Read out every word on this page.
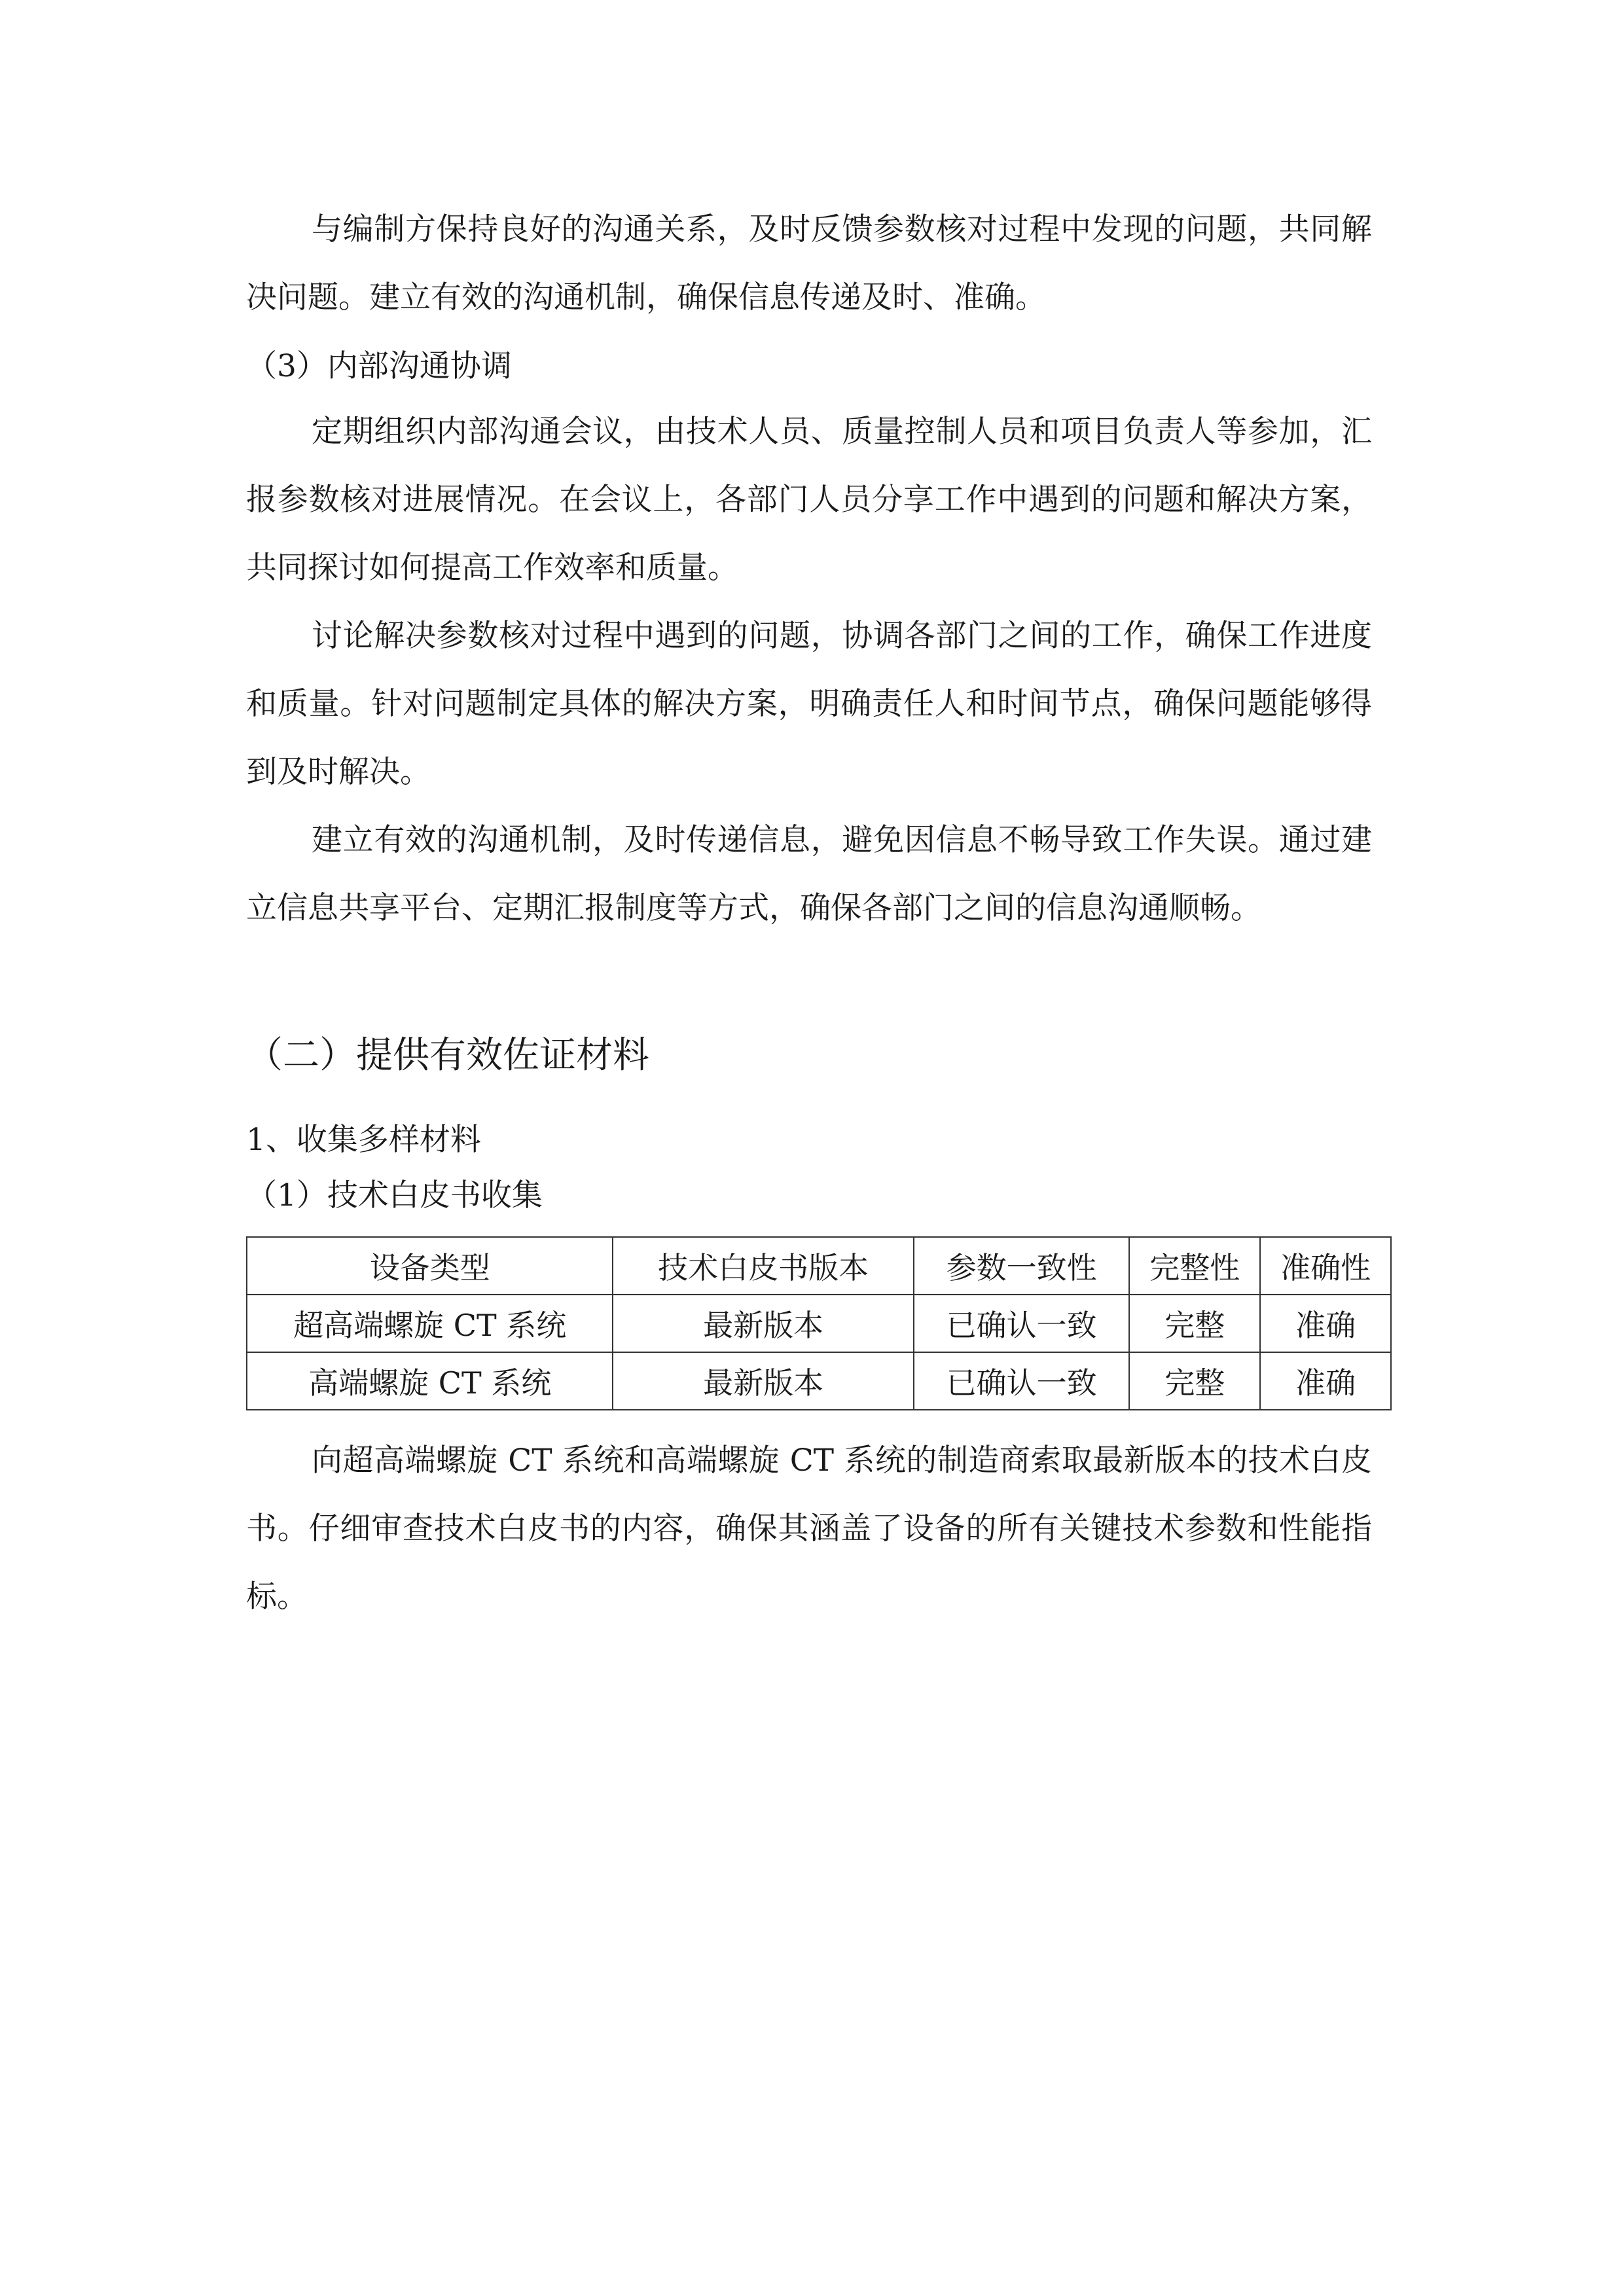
与编制方保持良好的沟通关系，及时反馈参数核对过程中发现的问题，共同解决问题。建立有效的沟通机制，确保信息传递及时、准确。

（3）内部沟通协调

定期组织内部沟通会议，由技术人员、质量控制人员和项目负责人等参加，汇报参数核对进展情况。在会议上，各部门人员分享工作中遇到的问题和解决方案，共同探讨如何提高工作效率和质量。

讨论解决参数核对过程中遇到的问题，协调各部门之间的工作，确保工作进度和质量。针对问题制定具体的解决方案，明确责任人和时间节点，确保问题能够得到及时解决。

建立有效的沟通机制，及时传递信息，避免因信息不畅导致工作失误。通过建立信息共享平台、定期汇报制度等方式，确保各部门之间的信息沟通顺畅。

（二）提供有效佐证材料

1、收集多样材料

（1）技术白皮书收集

设备类型	技术白皮书版本	参数一致性	完整性	准确性
超高端螺旋 CT 系统	最新版本	已确认一致	完整	准确
高端螺旋 CT 系统	最新版本	已确认一致	完整	准确

向超高端螺旋 CT 系统和高端螺旋 CT 系统的制造商索取最新版本的技术白皮书。仔细审查技术白皮书的内容，确保其涵盖了设备的所有关键技术参数和性能指标。
